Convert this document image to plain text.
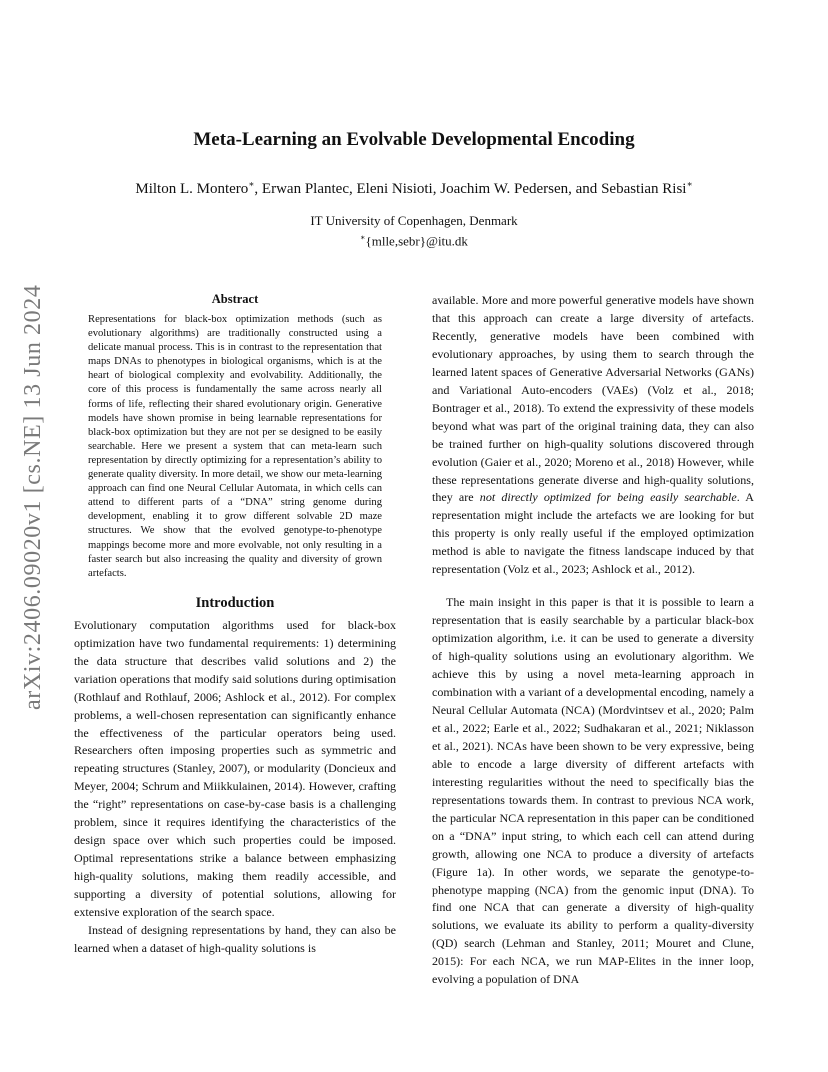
arXiv:2406.09020v1 [cs.NE] 13 Jun 2024
Meta-Learning an Evolvable Developmental Encoding
Milton L. Montero∗, Erwan Plantec, Eleni Nisioti, Joachim W. Pedersen, and Sebastian Risi∗
IT University of Copenhagen, Denmark
∗{mlle,sebr}@itu.dk
Abstract

Representations for black-box optimization methods (such as evolutionary algorithms) are traditionally constructed using a delicate manual process. This is in contrast to the representation that maps DNAs to phenotypes in biological organisms, which is at the heart of biological complexity and evolvability. Additionally, the core of this process is fundamentally the same across nearly all forms of life, reflecting their shared evolutionary origin. Generative models have shown promise in being learnable representations for black-box optimization but they are not per se designed to be easily searchable. Here we present a system that can meta-learn such representation by directly optimizing for a representation’s ability to generate quality diversity. In more detail, we show our meta-learning approach can find one Neural Cellular Automata, in which cells can attend to different parts of a “DNA” string genome during development, enabling it to grow different solvable 2D maze structures. We show that the evolved genotype-to-phenotype mappings become more and more evolvable, not only resulting in a faster search but also increasing the quality and diversity of grown artefacts.

Introduction

Evolutionary computation algorithms used for black-box optimization have two fundamental requirements: 1) determining the data structure that describes valid solutions and 2) the variation operations that modify said solutions during optimisation (Rothlauf and Rothlauf, 2006; Ashlock et al., 2012). For complex problems, a well-chosen representation can significantly enhance the effectiveness of the particular operators being used. Researchers often imposing properties such as symmetric and repeating structures (Stanley, 2007), or modularity (Doncieux and Meyer, 2004; Schrum and Miikkulainen, 2014). However, crafting the “right” representations on case-by-case basis is a challenging problem, since it requires identifying the characteristics of the design space over which such properties could be imposed. Optimal representations strike a balance between emphasizing high-quality solutions, making them readily accessible, and supporting a diversity of potential solutions, allowing for extensive exploration of the search space.

Instead of designing representations by hand, they can also be learned when a dataset of high-quality solutions is

available. More and more powerful generative models have shown that this approach can create a large diversity of artefacts. Recently, generative models have been combined with evolutionary approaches, by using them to search through the learned latent spaces of Generative Adversarial Networks (GANs) and Variational Auto-encoders (VAEs) (Volz et al., 2018; Bontrager et al., 2018). To extend the expressivity of these models beyond what was part of the original training data, they can also be trained further on high-quality solutions discovered through evolution (Gaier et al., 2020; Moreno et al., 2018) However, while these representations generate diverse and high-quality solutions, they are not directly optimized for being easily searchable. A representation might include the artefacts we are looking for but this property is only really useful if the employed optimization method is able to navigate the fitness landscape induced by that representation (Volz et al., 2023; Ashlock et al., 2012).

The main insight in this paper is that it is possible to learn a representation that is easily searchable by a particular black-box optimization algorithm, i.e. it can be used to generate a diversity of high-quality solutions using an evolutionary algorithm. We achieve this by using a novel meta-learning approach in combination with a variant of a developmental encoding, namely a Neural Cellular Automata (NCA) (Mordvintsev et al., 2020; Palm et al., 2022; Earle et al., 2022; Sudhakaran et al., 2021; Niklasson et al., 2021). NCAs have been shown to be very expressive, being able to encode a large diversity of different artefacts with interesting regularities without the need to specifically bias the representations towards them. In contrast to previous NCA work, the particular NCA representation in this paper can be conditioned on a “DNA” input string, to which each cell can attend during growth, allowing one NCA to produce a diversity of artefacts (Figure 1a). In other words, we separate the genotype-to-phenotype mapping (NCA) from the genomic input (DNA). To find one NCA that can generate a diversity of high-quality solutions, we evaluate its ability to perform a quality-diversity (QD) search (Lehman and Stanley, 2011; Mouret and Clune, 2015): For each NCA, we run MAP-Elites in the inner loop, evolving a population of DNA
